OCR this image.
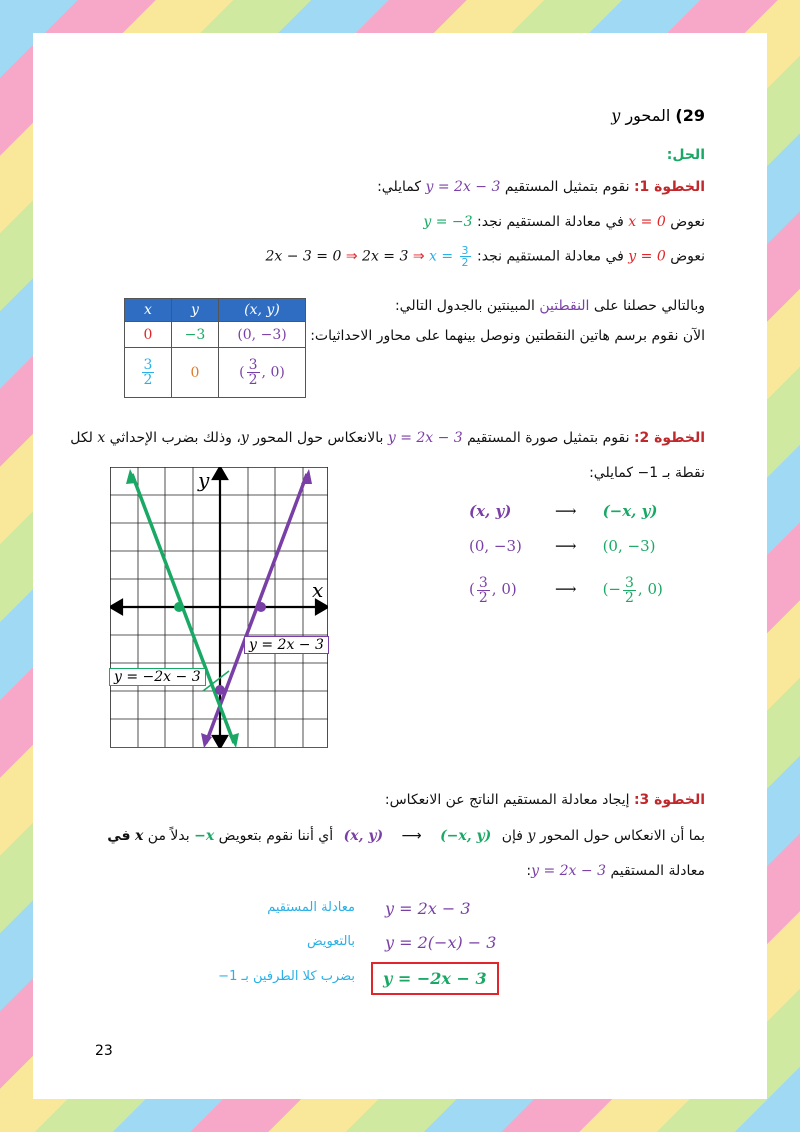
29) المحور y
الحل:
الخطوة 1: نقوم بتمثيل المستقيم y = 2x − 3 كمايلي:
نعوض x = 0 في معادلة المستقيم نجد: y = −3
نعوض y = 0 في معادلة المستقيم نجد: 2x − 3 = 0 ⇒ 2x = 3 ⇒ $x = \frac{3}{2}$
وبالتالي حصلنا على النقطتين المبينتين بالجدول التالي:
الآن نقوم برسم هاتين النقطتين ونوصل بينهما على محاور الاحداثيات:
x	y	(x, y)
0	−3	(0, −3)

$\frac{3}{2}$	0	( $\frac{3}{2}$ , 0)
الخطوة 2: نقوم بتمثيل صورة المستقيم y = 2x − 3 بالانعكاس حول المحور y، وذلك بضرب الإحداثي x لكل
نقطة بـ −1 كمايلي:
(x, y)	⟶ (−x, y)
(0, −3) ⟶ (0, −3)
( $\frac{3}{2}$ , 0)	⟶ (− $\frac{3}{2}$ , 0)
x
y
y = 2x − 3
y = −2x − 3
الخطوة 3: إيجاد معادلة المستقيم الناتج عن الانعكاس:
بما أن الانعكاس حول المحور y فإن (x, y) ⟶ (−x, y) أي أننا نقوم بتعويض −x بدلاً من x في
معادلة المستقيم y = 2x − 3:
y = 2x − 3
معادلة المستقيم
y = 2(−x) − 3
بالتعويض
y = −2x − 3
بضرب كلا الطرفين بـ 1−
23
